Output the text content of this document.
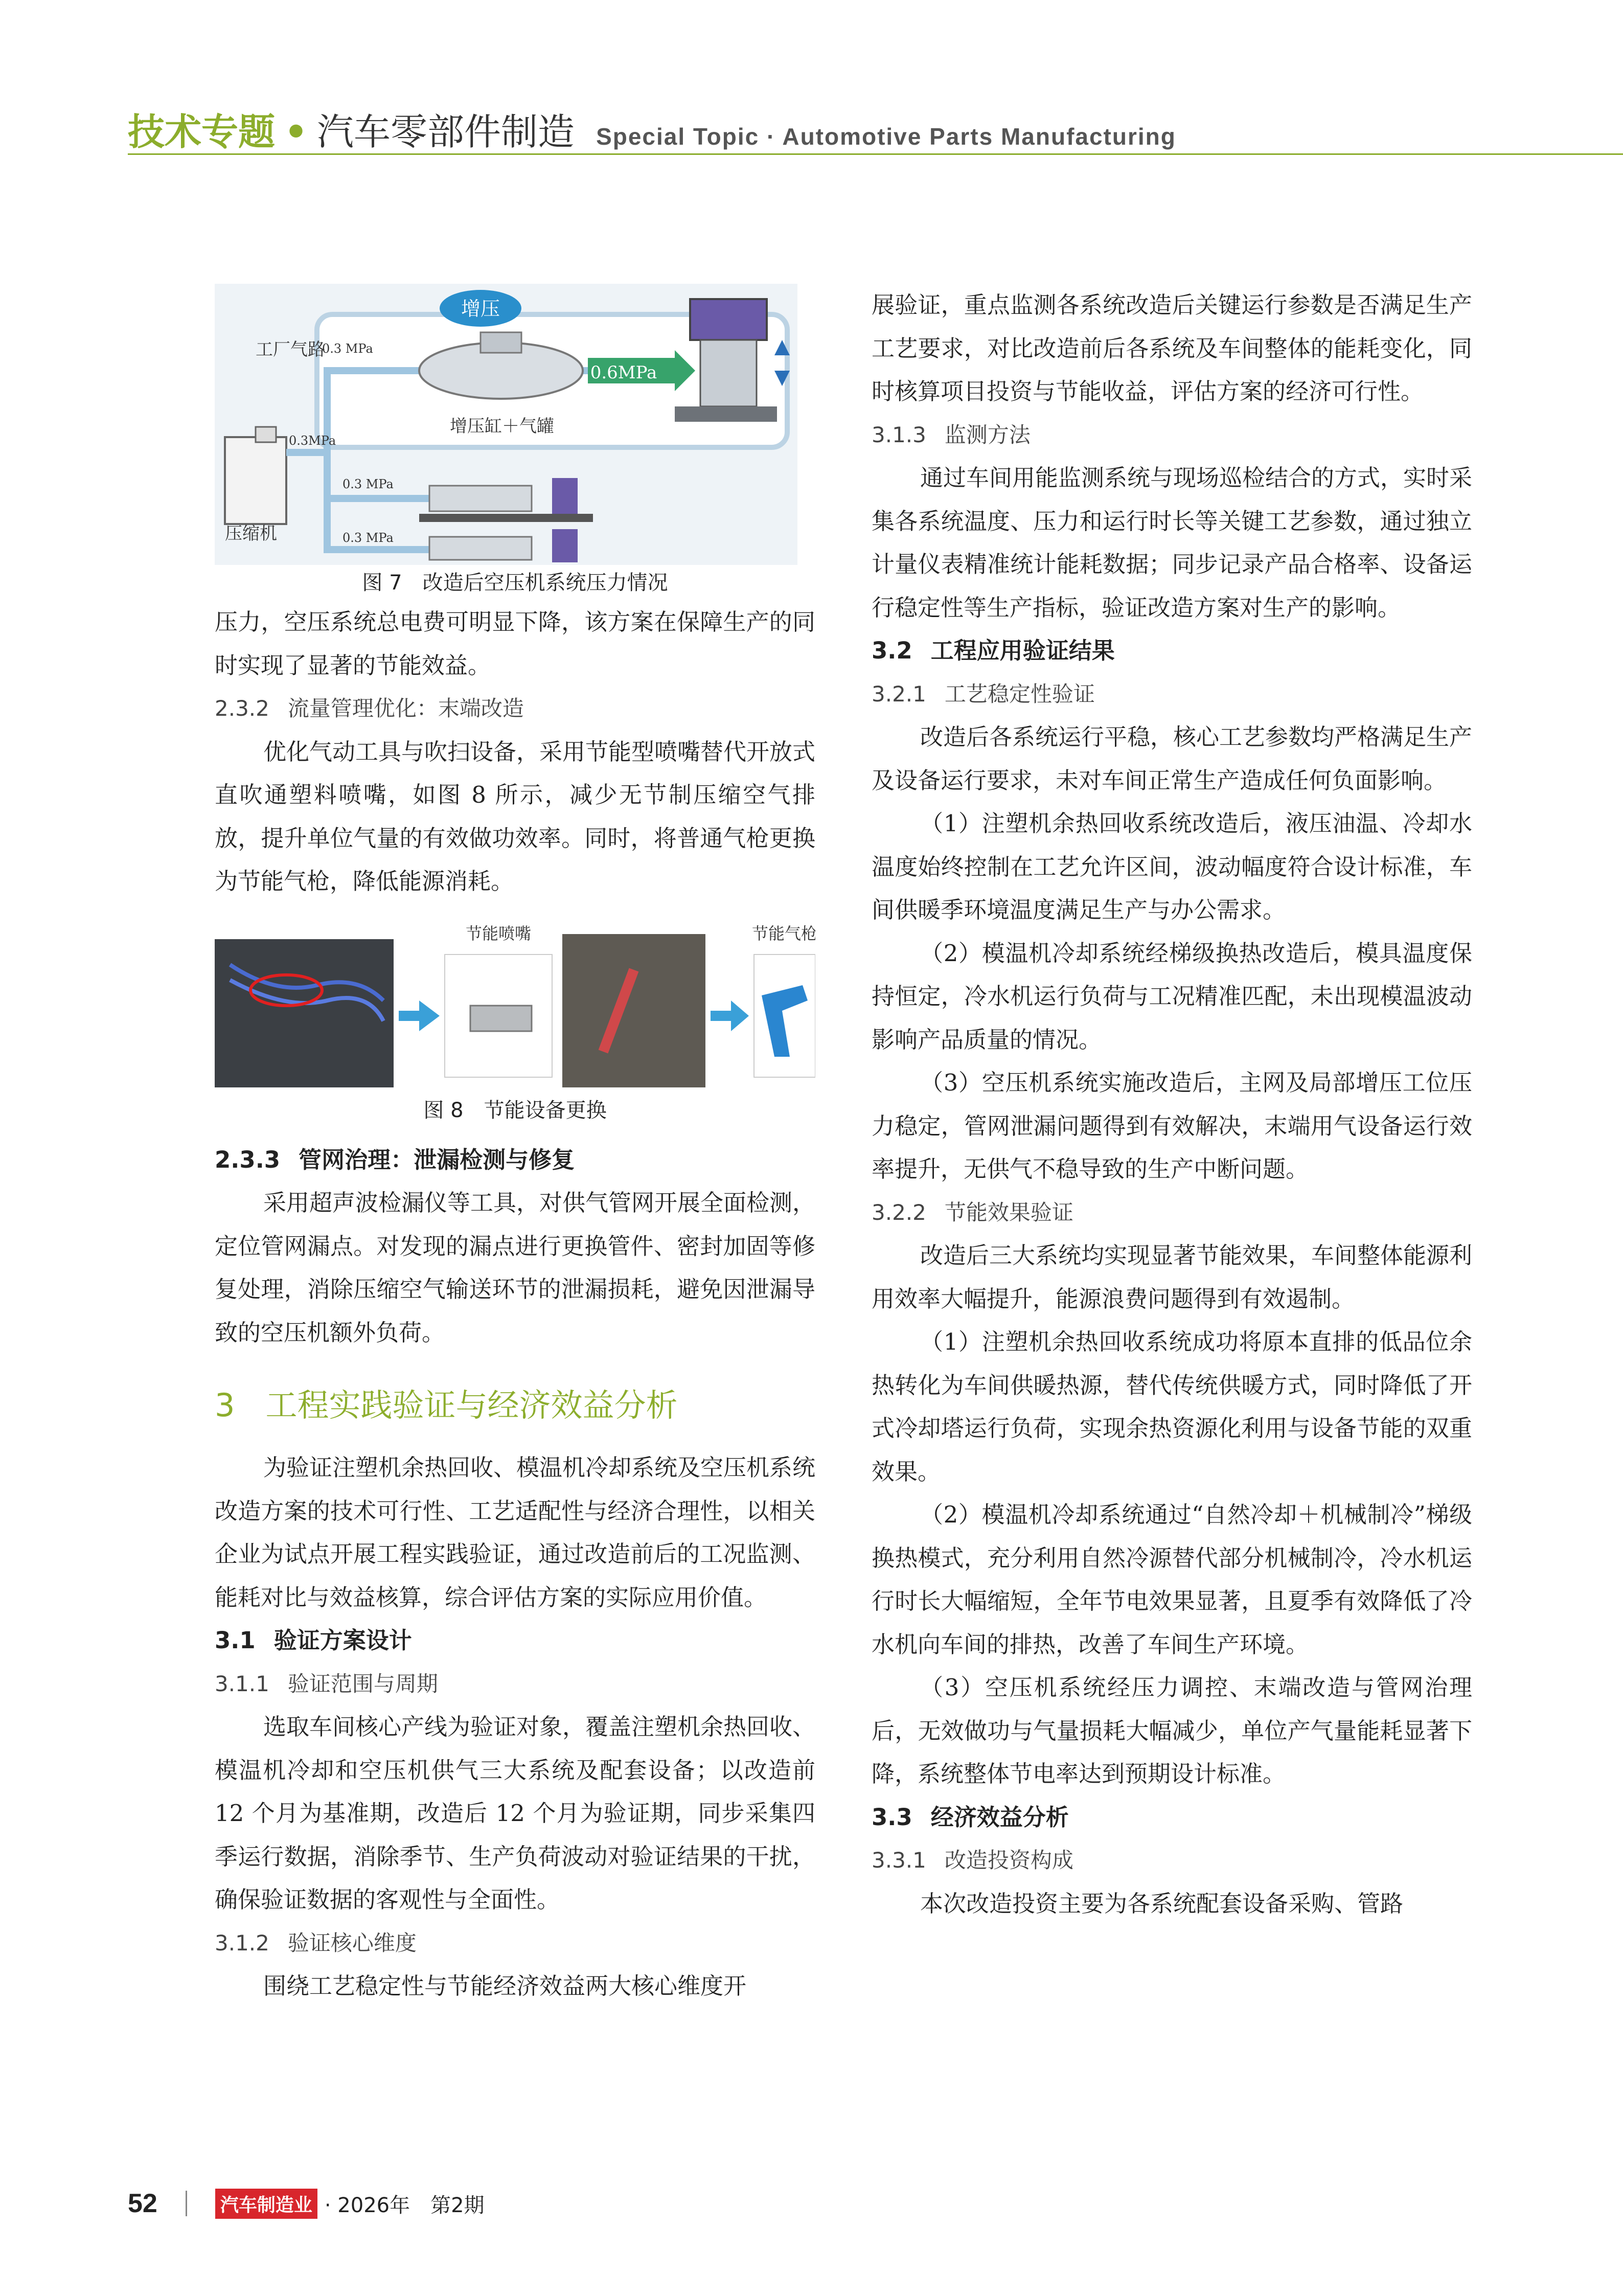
技术专题 • 汽车零部件制造 Special Topic · Automotive Parts Manufacturing
增压
0.6MPa
工厂气路
0.3 MPa
0.3MPa
0.3 MPa
0.3 MPa
压缩机
增压缸＋气罐
图 7　改造后空压机系统压力情况

压力，空压系统总电费可明显下降，该方案在保障生产的同时实现了显著的节能效益。

2.3.2 流量管理优化：末端改造

优化气动工具与吹扫设备，采用节能型喷嘴替代开放式直吹通塑料喷嘴，如图 8 所示，减少无节制压缩空气排放，提升单位气量的有效做功效率。同时，将普通气枪更换为节能气枪，降低能源消耗。

节能喷嘴	节能气枪
图 8　节能设备更换

2.3.3 管网治理：泄漏检测与修复

采用超声波检漏仪等工具，对供气管网开展全面检测，定位管网漏点。对发现的漏点进行更换管件、密封加固等修复处理，消除压缩空气输送环节的泄漏损耗，避免因泄漏导致的空压机额外负荷。

3 工程实践验证与经济效益分析

为验证注塑机余热回收、模温机冷却系统及空压机系统改造方案的技术可行性、工艺适配性与经济合理性，以相关企业为试点开展工程实践验证，通过改造前后的工况监测、能耗对比与效益核算，综合评估方案的实际应用价值。

3.1 验证方案设计

3.1.1 验证范围与周期

选取车间核心产线为验证对象，覆盖注塑机余热回收、模温机冷却和空压机供气三大系统及配套设备；以改造前 12 个月为基准期，改造后 12 个月为验证期，同步采集四季运行数据，消除季节、生产负荷波动对验证结果的干扰，确保验证数据的客观性与全面性。

3.1.2 验证核心维度

围绕工艺稳定性与节能经济效益两大核心维度开

展验证，重点监测各系统改造后关键运行参数是否满足生产工艺要求，对比改造前后各系统及车间整体的能耗变化，同时核算项目投资与节能收益，评估方案的经济可行性。

3.1.3 监测方法

通过车间用能监测系统与现场巡检结合的方式，实时采集各系统温度、压力和运行时长等关键工艺参数，通过独立计量仪表精准统计能耗数据；同步记录产品合格率、设备运行稳定性等生产指标，验证改造方案对生产的影响。

3.2 工程应用验证结果

3.2.1 工艺稳定性验证

改造后各系统运行平稳，核心工艺参数均严格满足生产及设备运行要求，未对车间正常生产造成任何负面影响。

（1）注塑机余热回收系统改造后，液压油温、冷却水温度始终控制在工艺允许区间，波动幅度符合设计标准，车间供暖季环境温度满足生产与办公需求。

（2）模温机冷却系统经梯级换热改造后，模具温度保持恒定，冷水机运行负荷与工况精准匹配，未出现模温波动影响产品质量的情况。

（3）空压机系统实施改造后，主网及局部增压工位压力稳定，管网泄漏问题得到有效解决，末端用气设备运行效率提升，无供气不稳导致的生产中断问题。

3.2.2 节能效果验证

改造后三大系统均实现显著节能效果，车间整体能源利用效率大幅提升，能源浪费问题得到有效遏制。

（1）注塑机余热回收系统成功将原本直排的低品位余热转化为车间供暖热源，替代传统供暖方式，同时降低了开式冷却塔运行负荷，实现余热资源化利用与设备节能的双重效果。

（2）模温机冷却系统通过“自然冷却＋机械制冷”梯级换热模式，充分利用自然冷源替代部分机械制冷，冷水机运行时长大幅缩短，全年节电效果显著，且夏季有效降低了冷水机向车间的排热，改善了车间生产环境。

（3）空压机系统经压力调控、末端改造与管网治理后，无效做功与气量损耗大幅减少，单位产气量能耗显著下降，系统整体节电率达到预期设计标准。

3.3 经济效益分析

3.3.1 改造投资构成

本次改造投资主要为各系统配套设备采购、管路

52	汽车制造业 · 2026年　第2期
